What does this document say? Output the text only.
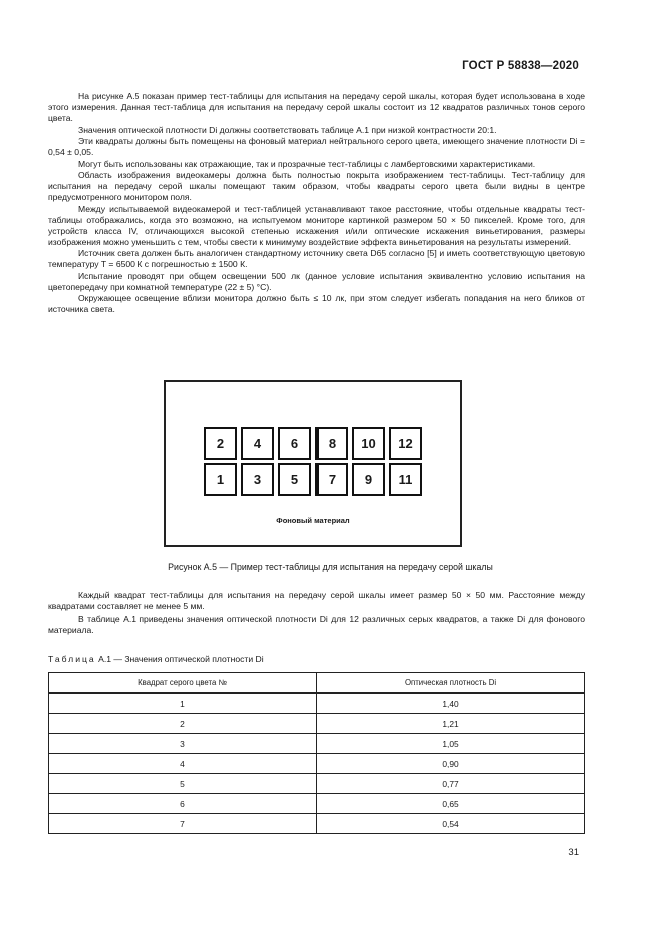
ГОСТ Р 58838—2020

На рисунке А.5 показан пример тест-таблицы для испытания на передачу серой шкалы, которая будет использована в ходе этого измерения. Данная тест-таблица для испытания на передачу серой шкалы состоит из 12 квадратов различных тонов серого цвета.

Значения оптической плотности Di должны соответствовать таблице А.1 при низкой контрастности 20:1.

Эти квадраты должны быть помещены на фоновый материал нейтрального серого цвета, имеющего значение плотности Di = 0,54 ± 0,05.

Могут быть использованы как отражающие, так и прозрачные тест-таблицы с ламбертовскими характеристиками.

Область изображения видеокамеры должна быть полностью покрыта изображением тест-таблицы. Тест-таблицу для испытания на передачу серой шкалы помещают таким образом, чтобы квадраты серого цвета были видны в центре предусмотренного монитором поля.

Между испытываемой видеокамерой и тест-таблицей устанавливают такое расстояние, чтобы отдельные квадраты тест-таблицы отображались, когда это возможно, на испытуемом мониторе картинкой размером 50 × 50 пикселей. Кроме того, для устройств класса IV, отличающихся высокой степенью искажения и/или оптические искажения виньетирования, размеры изображения можно уменьшить с тем, чтобы свести к минимуму воздействие эффекта виньетирования на результаты измерений.

Источник света должен быть аналогичен стандартному источнику света D65 согласно [5] и иметь соответствующую цветовую температуру T = 6500 К с погрешностью ± 1500 К.

Испытание проводят при общем освещении 500 лк (данное условие испытания эквивалентно условию испытания на цветопередачу при комнатной температуре (22 ± 5) °С).

Окружающее освещение вблизи монитора должно быть ≤ 10 лк, при этом следует избегать попадания на него бликов от источника света.

2	4	6	8	10	12
1	3	5	7	9	11
Фоновый материал
Рисунок А.5 — Пример тест-таблицы для испытания на передачу серой шкалы

Каждый квадрат тест-таблицы для испытания на передачу серой шкалы имеет размер 50 × 50 мм. Расстояние между квадратами составляет не менее 5 мм.

В таблице А.1 приведены значения оптической плотности Di для 12 различных серых квадратов, а также Di для фонового материала.

Таблица А.1 — Значения оптической плотности Di
Квадрат серого цвета №	Оптическая плотность Di
1	1,40
2	1,21
3	1,05
4	0,90
5	0,77
6	0,65
7	0,54
31
